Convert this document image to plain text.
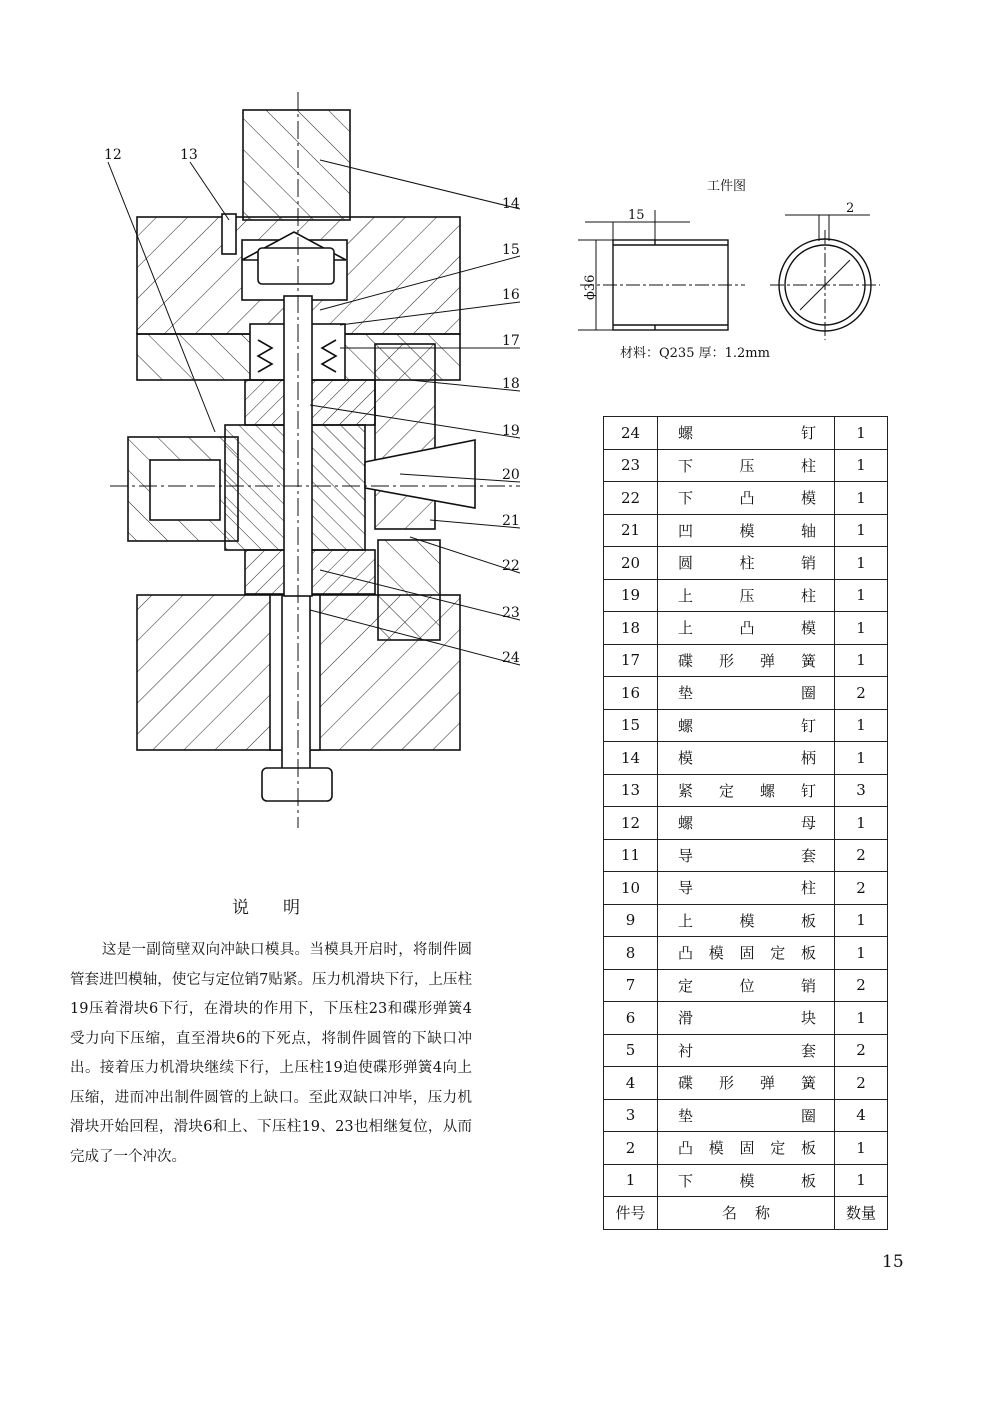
12	13
14
15
16
17
18
19
20
21
22
23
24
工件图
15
ϕ36
2
材料：Q235 厚：1.2mm
24	螺钉	1
23	下压柱	1
22	下凸模	1
21	凹模轴	1
20	圆柱销	1
19	上压柱	1
18	上凸模	1
17	碟形弹簧	1
16	垫圈	2
15	螺钉	1
14	模柄	1
13	紧定螺钉	3
12	螺母	1
11	导套	2
10	导柱	2
9	上模板	1
8	凸模固定板	1
7	定位销	2
6	滑块	1
5	衬套	2
4	碟形弹簧	2
3	垫圈	4
2	凸模固定板	1
1	下模板	1
件号	名称	数量
说明
这是一副筒壁双向冲缺口模具。当模具开启时，将制件圆管套进凹模轴，使它与定位销7贴紧。压力机滑块下行，上压柱19压着滑块6下行，在滑块的作用下，下压柱23和碟形弹簧4受力向下压缩，直至滑块6的下死点，将制件圆管的下缺口冲出。接着压力机滑块继续下行，上压柱19迫使碟形弹簧4向上压缩，进而冲出制件圆管的上缺口。至此双缺口冲毕，压力机滑块开始回程，滑块6和上、下压柱19、23也相继复位，从而完成了一个冲次。
15
